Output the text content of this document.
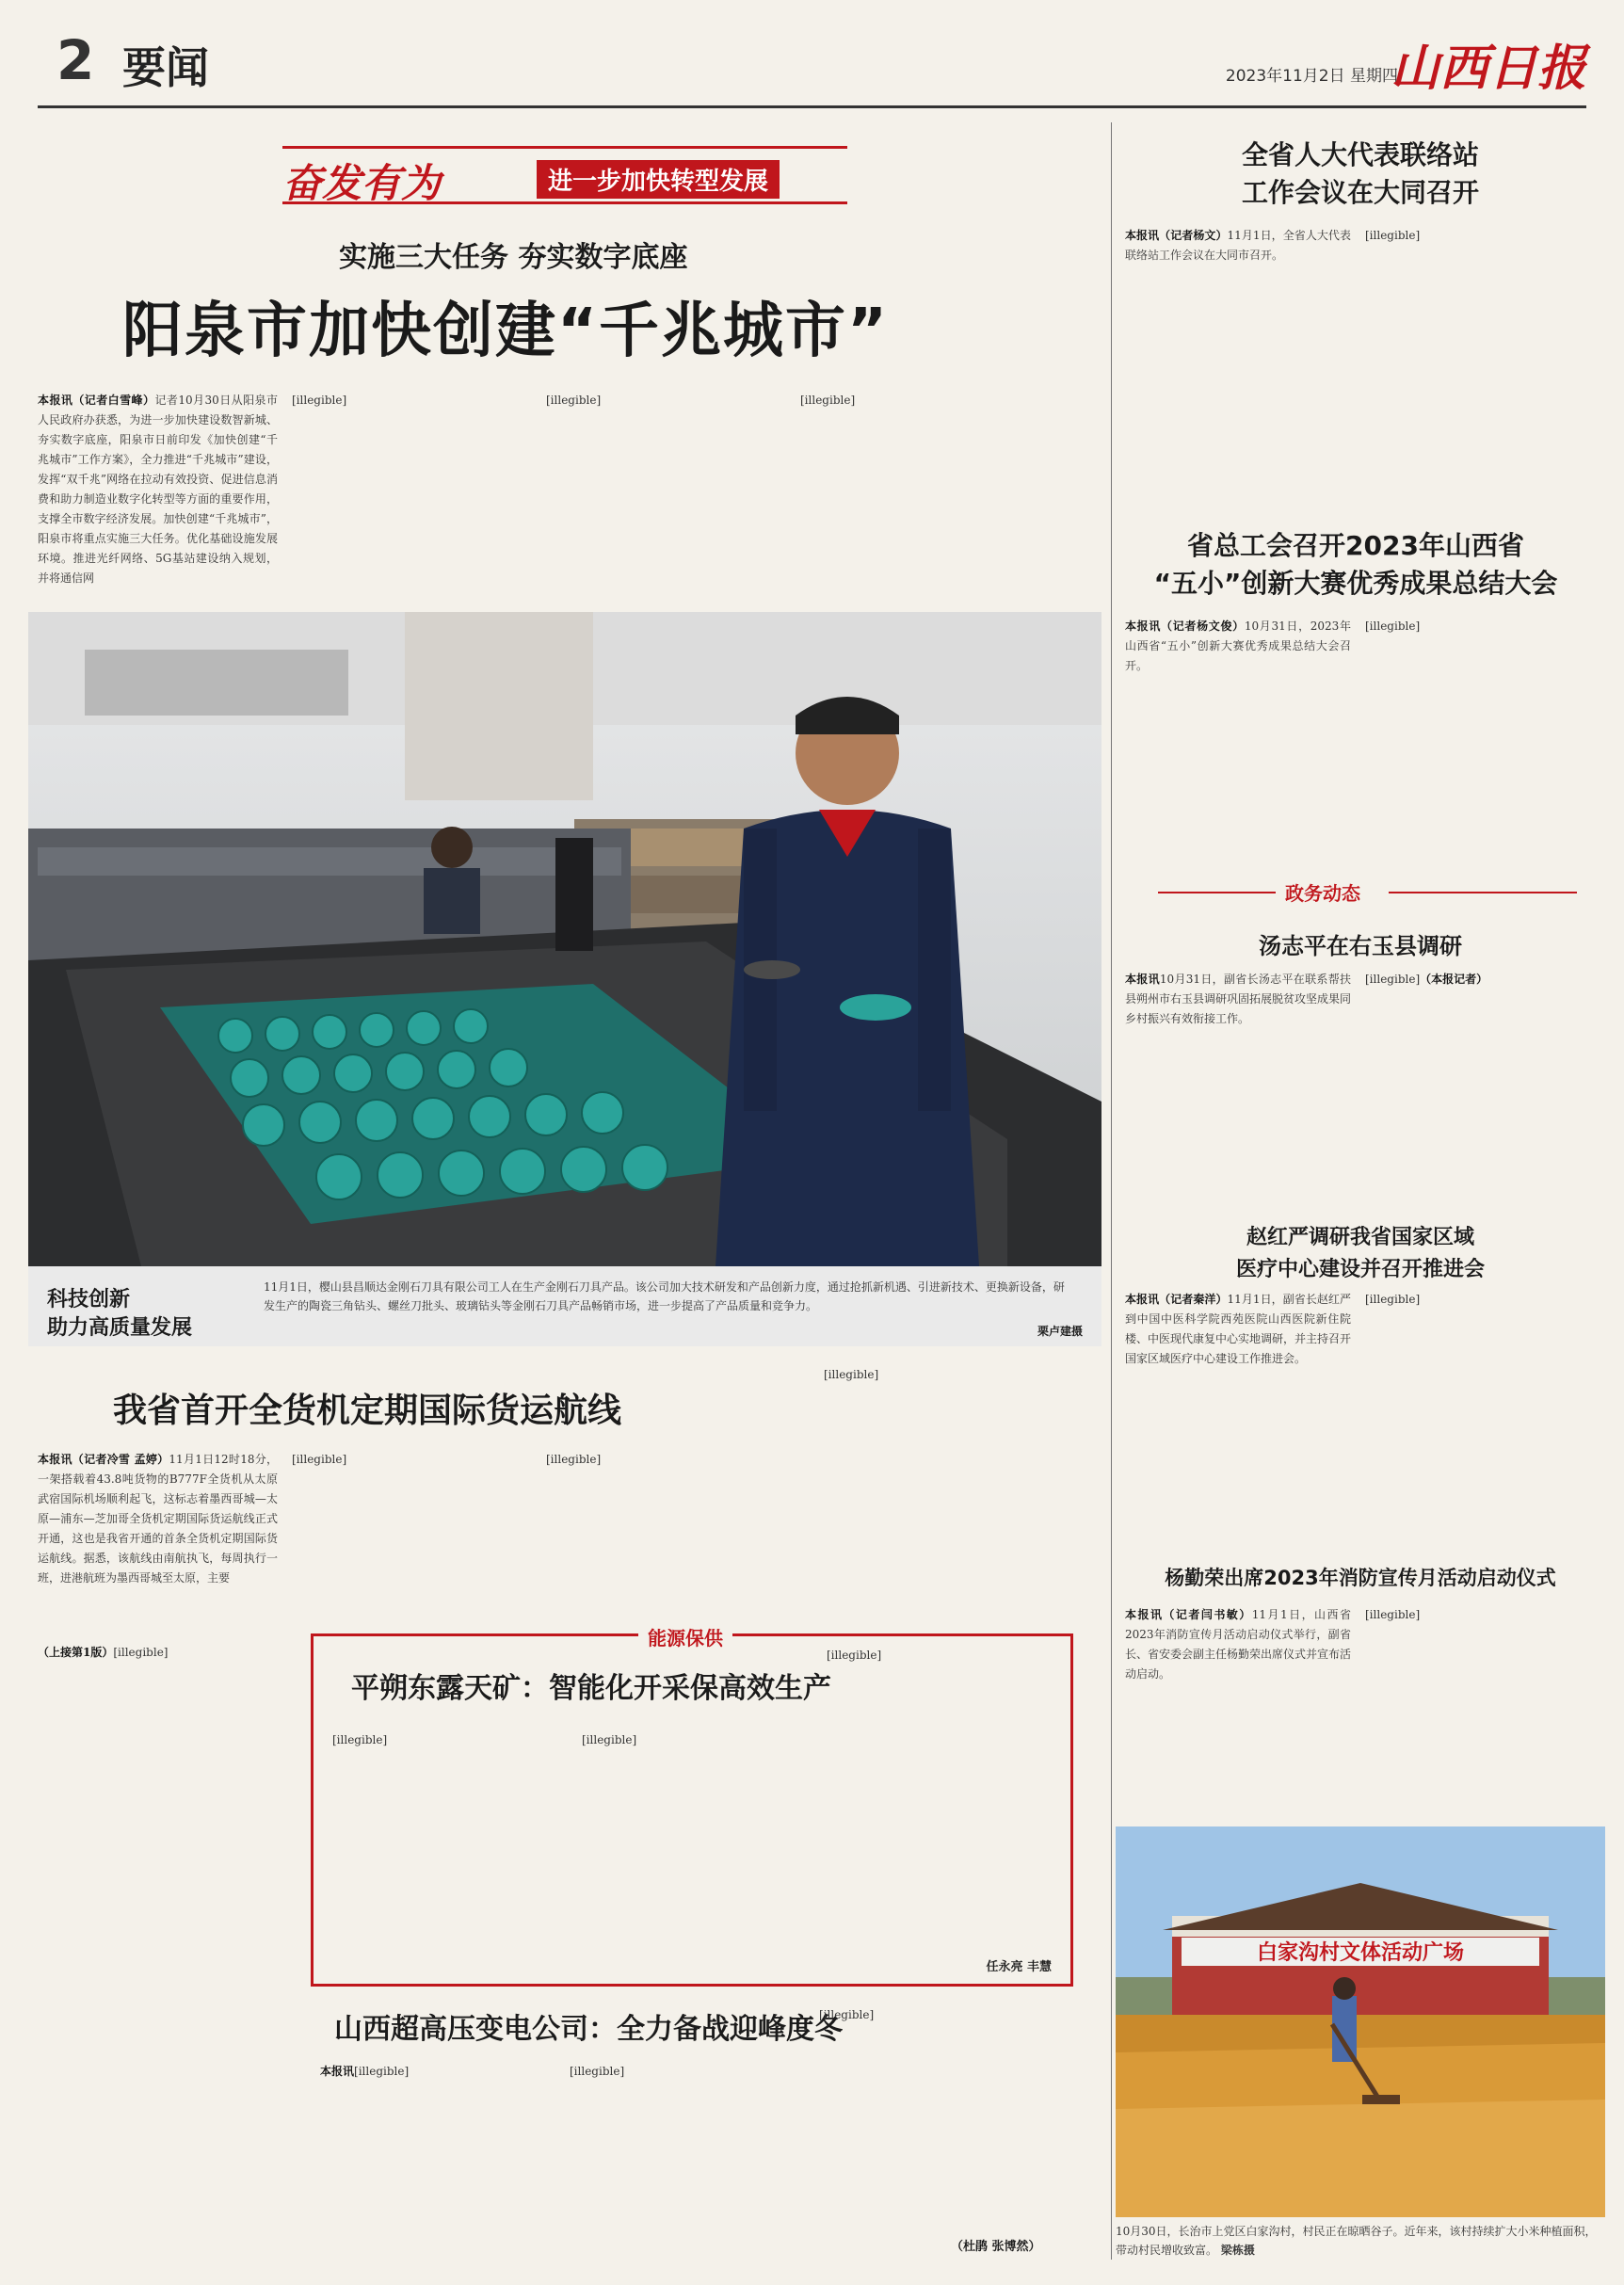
2 要闻	2023年11月2日 星期四
山西日报
奋发有为	进一步加快转型发展
实施三大任务 夯实数字底座
阳泉市加快创建“千兆城市”
本报讯（记者白雪峰）记者10月30日从阳泉市人民政府办获悉，为进一步加快建设数智新城、夯实数字底座，阳泉市日前印发《加快创建“千兆城市”工作方案》，全力推进“千兆城市”建设，发挥“双千兆”网络在拉动有效投资、促进信息消费和助力制造业数字化转型等方面的重要作用，支撑全市数字经济发展。加快创建“千兆城市”，阳泉市将重点实施三大任务。优化基础设施发展环境。推进光纤网络、5G基站建设纳入规划，并将通信网
[illegible]	[illegible]	[illegible]
科技创新
助力高质量发展
11月1日，樱山县昌顺达金刚石刀具有限公司工人在生产金刚石刀具产品。该公司加大技术研发和产品创新力度，通过抢抓新机遇、引进新技术、更换新设备，研发生产的陶瓷三角钻头、螺丝刀批头、玻璃钻头等金刚石刀具产品畅销市场，进一步提高了产品质量和竞争力。
栗卢建摄
我省首开全货机定期国际货运航线
本报讯（记者冷雪 孟婷）11月1日12时18分，一架搭载着43.8吨货物的B777F全货机从太原武宿国际机场顺利起飞，这标志着墨西哥城—太原—浦东—芝加哥全货机定期国际货运航线正式开通，这也是我省开通的首条全货机定期国际货运航线。据悉，该航线由南航执飞，每周执行一班，进港航班为墨西哥城至太原，主要
[illegible]	[illegible]
[illegible]
（上接第1版）[illegible]
能源保供
平朔东露天矿：智能化开采保高效生产
[illegible]	[illegible]
[illegible]
任永亮 丰慧
山西超高压变电公司：全力备战迎峰度冬
本报讯[illegible]	[illegible]
[illegible]
（杜鹃 张博然）
全省人大代表联络站
工作会议在大同召开
本报讯（记者杨文）11月1日，全省人大代表联络站工作会议在大同市召开。
[illegible]
省总工会召开2023年山西省
“五小”创新大赛优秀成果总结大会
本报讯（记者杨文俊）10月31日，2023年山西省“五小”创新大赛优秀成果总结大会召开。
[illegible]
政务动态
汤志平在右玉县调研
本报讯10月31日，副省长汤志平在联系帮扶县朔州市右玉县调研巩固拓展脱贫攻坚成果同乡村振兴有效衔接工作。
[illegible]（本报记者）
赵红严调研我省国家区域
医疗中心建设并召开推进会
本报讯（记者秦洋）11月1日，副省长赵红严到中国中医科学院西苑医院山西医院新住院楼、中医现代康复中心实地调研，并主持召开国家区域医疗中心建设工作推进会。
[illegible]
杨勤荣出席2023年消防宣传月活动启动仪式
本报讯（记者闫书敏）11月1日，山西省2023年消防宣传月活动启动仪式举行，副省长、省安委会副主任杨勤荣出席仪式并宣布活动启动。
[illegible]
白家沟村文体活动广场
10月30日，长治市上党区白家沟村，村民正在晾晒谷子。近年来，该村持续扩大小米种植面积，带动村民增收致富。 梁栋摄
